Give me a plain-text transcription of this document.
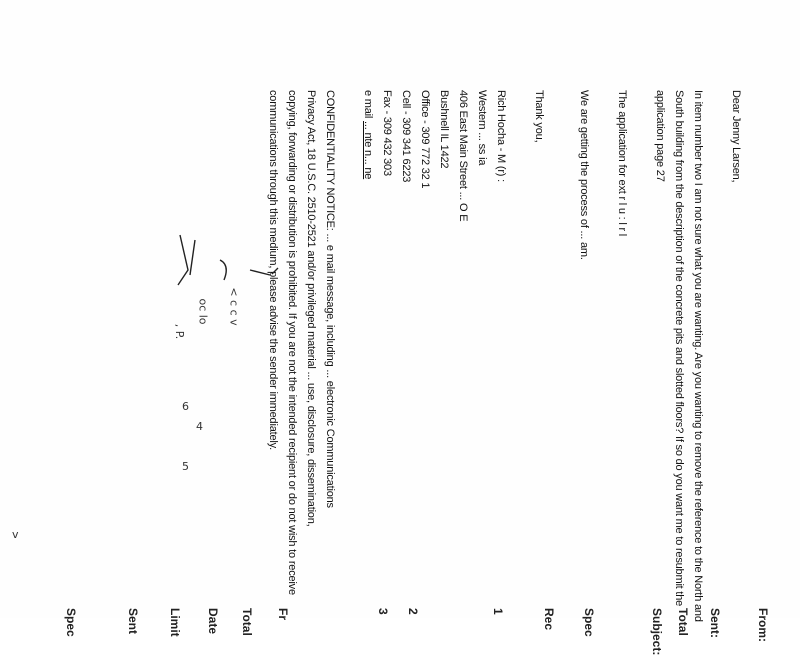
Dear Jenny Larsen,

In item number two I am not sure what you are wanting. Are you wanting to remove the reference to the North and

South building from the description of the concrete pits and slotted floors? If so do you want me to resubmit the

application page 27

The application for ext r l u : l r l

We are getting the process of ... am.

Thank you,

Rich Hocha - M (r) :

Western ... ss ia

406 East Main Street ... O E

Bushnell IL 1422

Office - 309 772 32 1

Cell - 309 341 6223

Fax - 309 432 303

e mail ... nte n... ne

CONFIDENTIALITY NOTICE: ... e mail message, including ... electronic Communications

Privacy Act, 18 U.S.C. 2510-2521 and/or privileged material ... use, disclosure, dissemination,

copying, forwarding or distribution is prohibited. If you are not the intended recipient or do not wish to receive

communications through this medium, please advise the sender immediately.

< c c v
oc lo
, P.
6
5
4
v
From:
Sent:
Total
Subject:
Spec
Rec
1
2
3
Fr
Total
Date
Limit
Sent
Spec
